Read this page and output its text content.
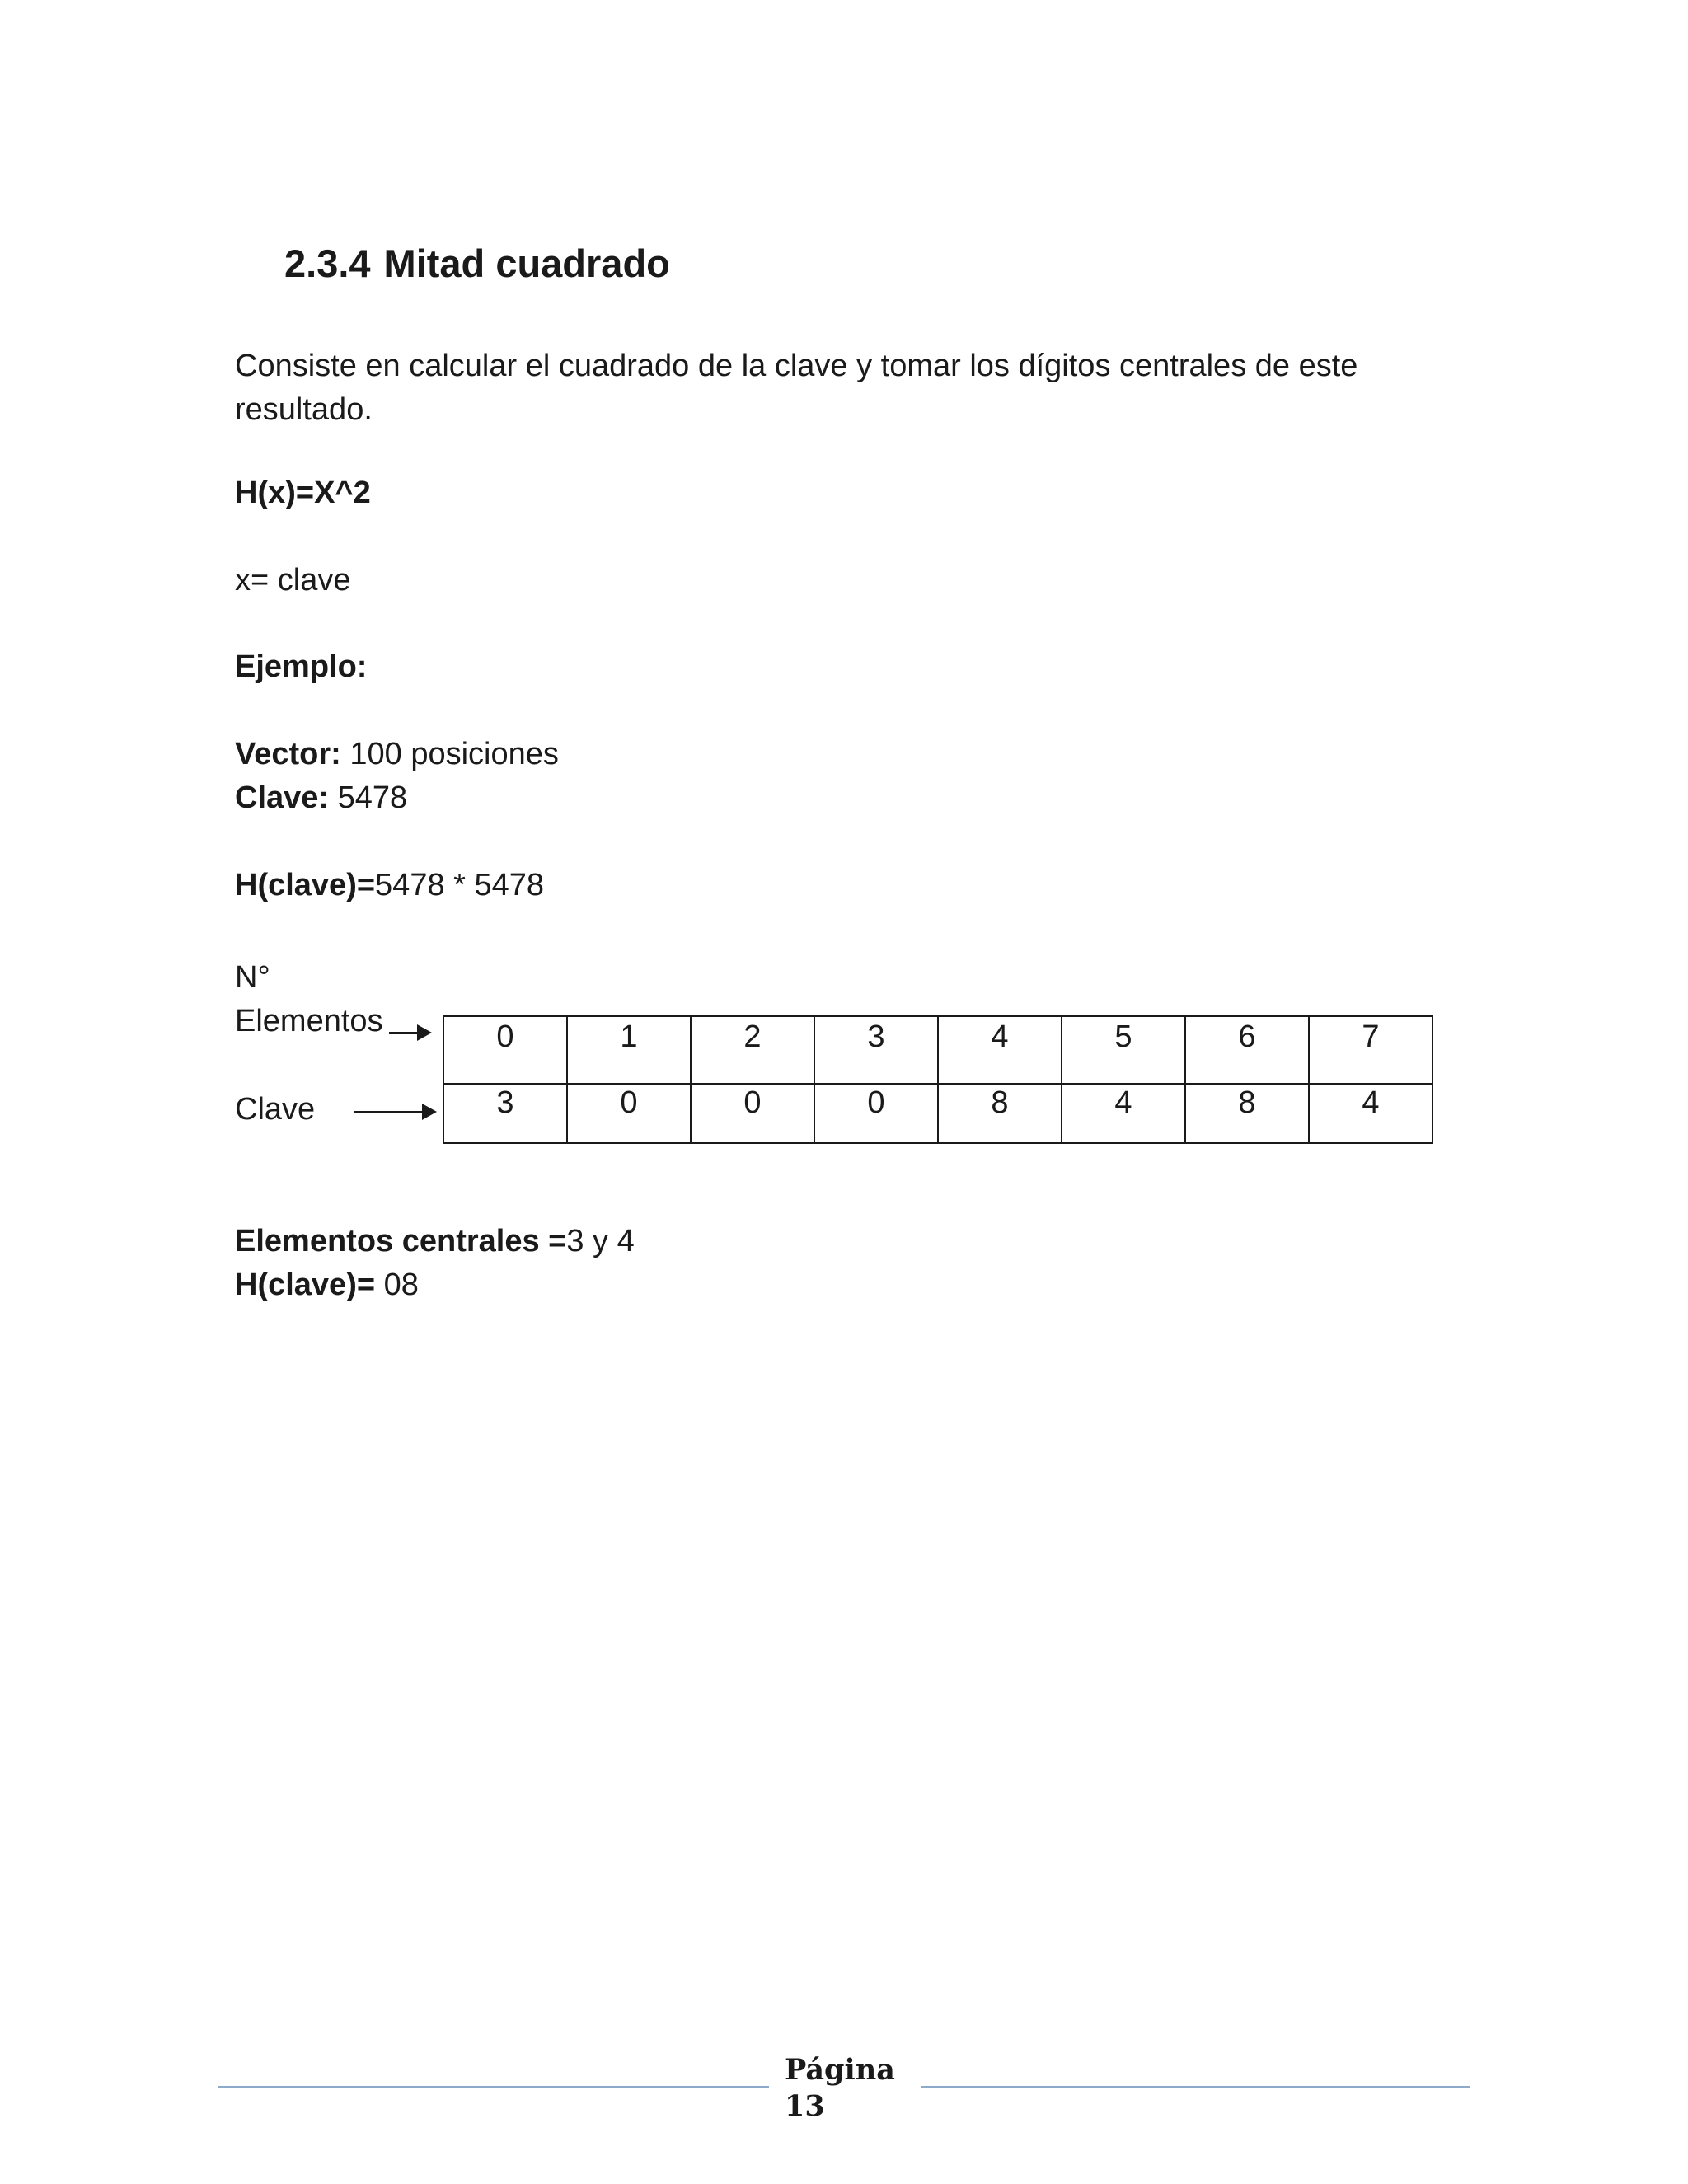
2.3.4 Mitad cuadrado

Consiste en calcular el cuadrado de la clave y tomar los dígitos centrales de este resultado.

H(x)=X^2

x= clave

Ejemplo:

Vector: 100 posiciones

Clave: 5478

H(clave)=5478 * 5478

N°
Elementos
Clave
0	1	2	3	4	5	6	7
3	0	0	0	8	4	8	4

Elementos centrales =3 y 4

H(clave)= 08

Página
13
